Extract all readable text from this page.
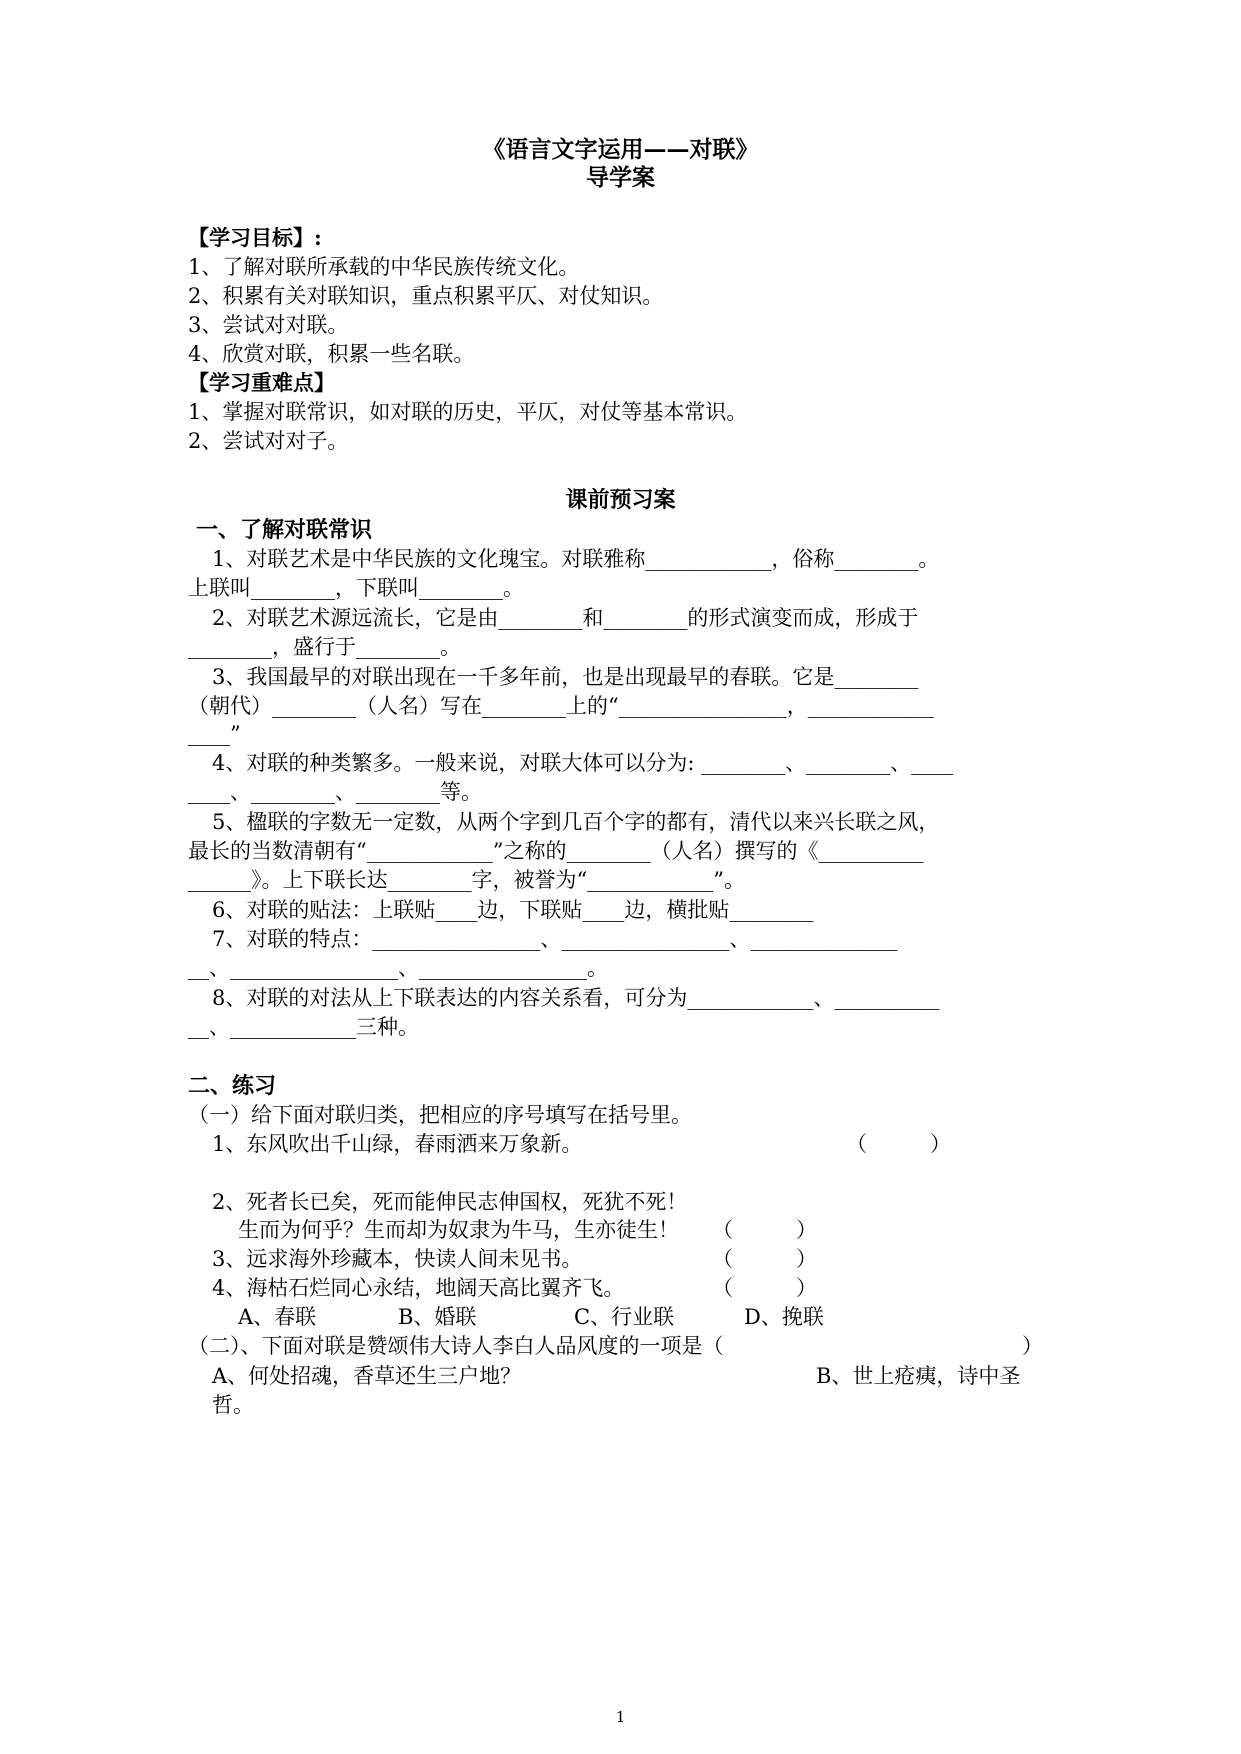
《语言文字运用——对联》
导学案
【学习目标】:
1、了解对联所承载的中华民族传统文化。
2、积累有关对联知识，重点积累平仄、对仗知识。
3、尝试对对联。
4、欣赏对联，积累一些名联。
【学习重难点】
1、掌握对联常识，如对联的历史，平仄，对仗等基本常识。
2、尝试对对子。
课前预习案
一、了解对联常识
1、对联艺术是中华民族的文化瑰宝。对联雅称____________，俗称________。
上联叫________，下联叫________。
2、对联艺术源远流长，它是由________和________的形式演变而成，形成于
________，盛行于________。
3、我国最早的对联出现在一千多年前，也是出现最早的春联。它是________
（朝代）________（人名）写在________上的“________________，____________
____”
4、对联的种类繁多。一般来说，对联大体可以分为: ________、________、____
____、________、________等。
5、楹联的字数无一定数，从两个字到几百个字的都有，清代以来兴长联之风，
最长的当数清朝有“____________”之称的________（人名）撰写的《__________
______》。上下联长达________字，被誉为“____________”。
6、对联的贴法：上联贴____边，下联贴____边，横批贴________
7、对联的特点：________________、________________、______________
__、________________、________________。
8、对联的对法从上下联表达的内容关系看，可分为____________、__________
__、____________三种。
二、练习
（一）给下面对联归类，把相应的序号填写在括号里。
1、东风吹出千山绿，春雨洒来万象新。	（　　　）
2、死者长已矣，死而能伸民志伸国权，死犹不死！
生而为何乎？生而却为奴隶为牛马，生亦徒生！ （　　　）
3、远求海外珍藏本，快读人间未见书。	（　　　）
4、海枯石烂同心永结，地阔天高比翼齐飞。	（　　　）
A、春联	B、婚联	C、行业联	D、挽联
（二）、下面对联是赞颂伟大诗人李白人品风度的一项是（	）
A、何处招魂，香草还生三户地？	B、世上疮痍，诗中圣
哲。
1
